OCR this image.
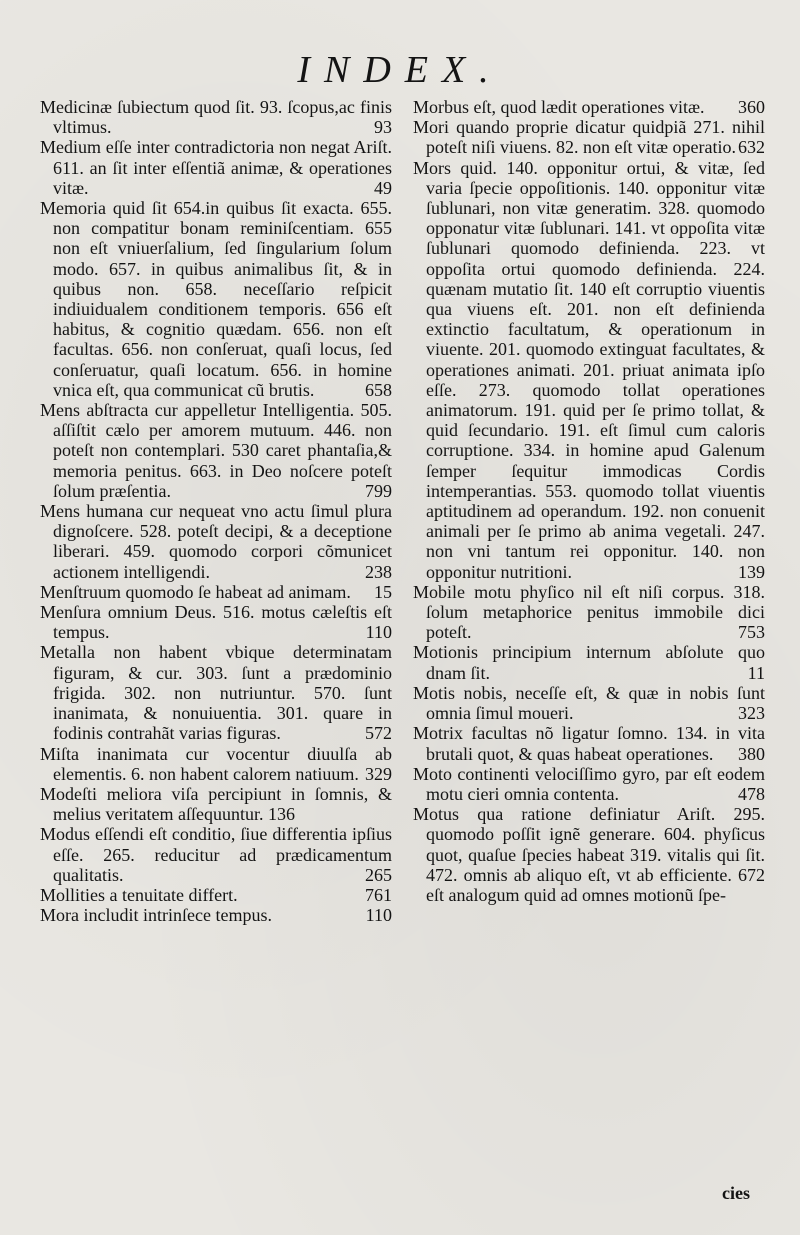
INDEX.

Medicinæ ſubiectum quod ſit. 93. ſcopus,ac finis vltimus.	93

Medium eſſe inter contradictoria non negat Ariſt. 611. an ſit inter eſſentiã animæ, & operationes vitæ.	49

Memoria quid ſit 654.in quibus ſit exacta. 655. non compatitur bonam reminiſcentiam. 655 non eſt vniuerſalium, ſed ſingularium ſolum modo. 657. in quibus animalibus ſit, & in quibus non. 658. neceſſario reſpicit indiuidualem conditionem temporis. 656 eſt habitus, & cognitio quædam. 656. non eſt facultas. 656. non conſeruat, quaſi locus, ſed conſeruatur, quaſi locatum. 656. in homine vnica eſt, qua communicat cũ brutis.	658

Mens abſtracta cur appelletur Intelligentia. 505. aſſiſtit cælo per amorem mutuum. 446. non poteſt non contemplari. 530 caret phantaſia,& memoria penitus. 663. in Deo noſcere poteſt ſolum præſentia.	799

Mens humana cur nequeat vno actu ſimul plura dignoſcere. 528. poteſt decipi, & a deceptione liberari. 459. quomodo corpori cõmunicet actionem intelligendi.	238

Menſtruum quomodo ſe habeat ad animam. 15

Menſura omnium Deus. 516. motus cæleſtis eſt tempus.	110

Metalla non habent vbique determinatam figuram, & cur. 303. ſunt a prædominio frigida. 302. non nutriuntur. 570. ſunt inanimata, & nonuiuentia. 301. quare in fodinis contrahãt varias figuras.	572

Miſta inanimata cur vocentur diuulſa ab elementis. 6. non habent calorem natiuum. 329

Modeſti meliora viſa percipiunt in ſomnis, & melius veritatem aſſequuntur. 136

Modus eſſendi eſt conditio, ſiue differentia ipſius eſſe. 265. reducitur ad prædicamentum qualitatis.	265

Mollities a tenuitate differt.	761

Mora includit intrinſece tempus.	110

Morbus eſt, quod lædit operationes vitæ. 360

Mori quando proprie dicatur quidpiã 271. nihil poteſt niſi viuens. 82. non eſt vitæ operatio. 632

Mors quid. 140. opponitur ortui, & vitæ, ſed varia ſpecie oppoſitionis. 140. opponitur vitæ ſublunari, non vitæ generatim. 328. quomodo opponatur vitæ ſublunari. 141. vt oppoſita vitæ ſublunari quomodo definienda. 223. vt oppoſita ortui quomodo definienda. 224. quænam mutatio ſit. 140 eſt corruptio viuentis qua viuens eſt. 201. non eſt definienda extinctio facultatum, & operationum in viuente. 201. quomodo extinguat facultates, & operationes animati. 201. priuat animata ipſo eſſe. 273. quomodo tollat operationes animatorum. 191. quid per ſe primo tollat, & quid ſecundario. 191. eſt ſimul cum caloris corruptione. 334. in homine apud Galenum ſemper ſequitur immodicas Cordis intemperantias. 553. quomodo tollat viuentis aptitudinem ad operandum. 192. non conuenit animali per ſe primo ab anima vegetali. 247. non vni tantum rei opponitur. 140. non opponitur nutritioni.	139

Mobile motu phyſico nil eſt niſi corpus. 318. ſolum metaphorice penitus immobile dici poteſt.	753

Motionis principium internum abſolute quo dnam ſit.	11

Motis nobis, neceſſe eſt, & quæ in nobis ſunt omnia ſimul moueri.	323

Motrix facultas nõ ligatur ſomno. 134. in vita brutali quot, & quas habeat operationes. 380

Moto continenti velociſſimo gyro, par eſt eodem motu cieri omnia contenta.	478

Motus qua ratione definiatur Ariſt. 295. quomodo poſſit ignẽ generare. 604. phyſicus quot, quaſue ſpecies habeat 319. vitalis qui ſit. 472. omnis ab aliquo eſt, vt ab efficiente. 672 eſt analogum quid ad omnes motionũ ſpe-

cies
